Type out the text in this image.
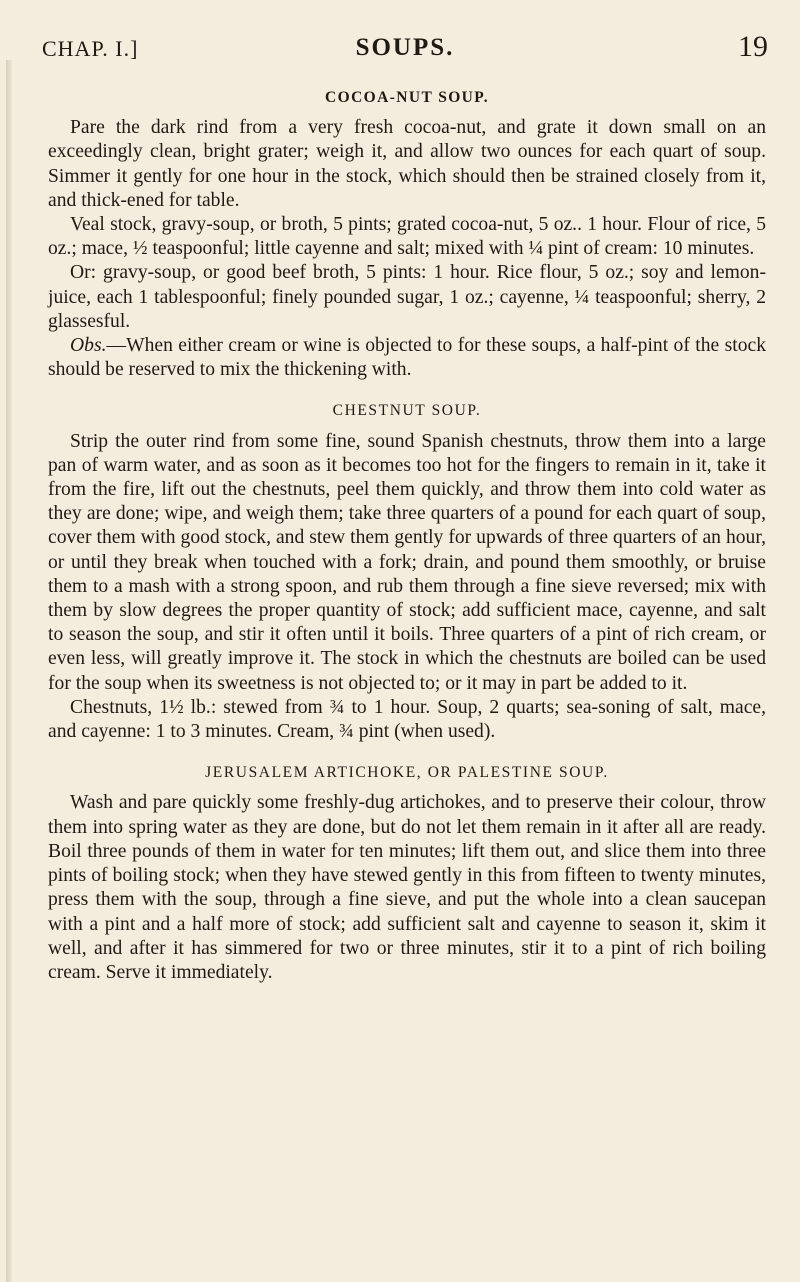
CHAP. I.]	SOUPS.	19
COCOA-NUT SOUP.

Pare the dark rind from a very fresh cocoa-nut, and grate it down small on an exceedingly clean, bright grater; weigh it, and allow two ounces for each quart of soup. Simmer it gently for one hour in the stock, which should then be strained closely from it, and thick-ened for table.

Veal stock, gravy-soup, or broth, 5 pints; grated cocoa-nut, 5 oz.. 1 hour. Flour of rice, 5 oz.; mace, ½ teaspoonful; little cayenne and salt; mixed with ¼ pint of cream: 10 minutes.

Or: gravy-soup, or good beef broth, 5 pints: 1 hour. Rice flour, 5 oz.; soy and lemon-juice, each 1 tablespoonful; finely pounded sugar, 1 oz.; cayenne, ¼ teaspoonful; sherry, 2 glassesful.

Obs.—When either cream or wine is objected to for these soups, a half-pint of the stock should be reserved to mix the thickening with.

CHESTNUT SOUP.

Strip the outer rind from some fine, sound Spanish chestnuts, throw them into a large pan of warm water, and as soon as it becomes too hot for the fingers to remain in it, take it from the fire, lift out the chestnuts, peel them quickly, and throw them into cold water as they are done; wipe, and weigh them; take three quarters of a pound for each quart of soup, cover them with good stock, and stew them gently for upwards of three quarters of an hour, or until they break when touched with a fork; drain, and pound them smoothly, or bruise them to a mash with a strong spoon, and rub them through a fine sieve reversed; mix with them by slow degrees the proper quantity of stock; add sufficient mace, cayenne, and salt to season the soup, and stir it often until it boils. Three quarters of a pint of rich cream, or even less, will greatly improve it. The stock in which the chestnuts are boiled can be used for the soup when its sweetness is not objected to; or it may in part be added to it.

Chestnuts, 1½ lb.: stewed from ¾ to 1 hour. Soup, 2 quarts; sea-soning of salt, mace, and cayenne: 1 to 3 minutes. Cream, ¾ pint (when used).

JERUSALEM ARTICHOKE, OR PALESTINE SOUP.

Wash and pare quickly some freshly-dug artichokes, and to preserve their colour, throw them into spring water as they are done, but do not let them remain in it after all are ready. Boil three pounds of them in water for ten minutes; lift them out, and slice them into three pints of boiling stock; when they have stewed gently in this from fifteen to twenty minutes, press them with the soup, through a fine sieve, and put the whole into a clean saucepan with a pint and a half more of stock; add sufficient salt and cayenne to season it, skim it well, and after it has simmered for two or three minutes, stir it to a pint of rich boiling cream. Serve it immediately.
